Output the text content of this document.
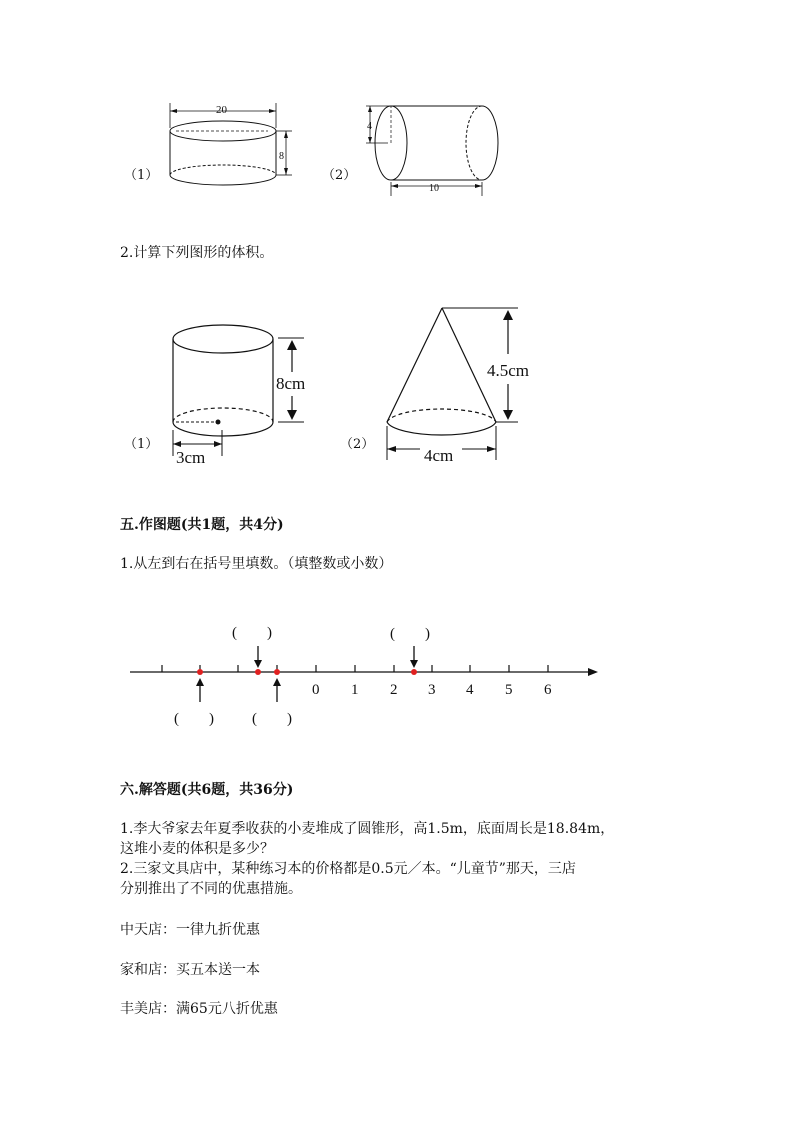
（1）
20
8
（2）
4
10
2.计算下列图形的体积。
（1）
8cm
3cm
（2）
4.5cm
4cm
五.作图题(共1题，共4分)
1.从左到右在括号里填数。（填整数或小数）
0 1 2 3 4 5 6
(　　)	(　　)
(　　)	(　　)
六.解答题(共6题，共36分)
1.李大爷家去年夏季收获的小麦堆成了圆锥形，高1.5m，底面周长是18.84m，
这堆小麦的体积是多少？
2.三家文具店中，某种练习本的价格都是0.5元／本。“儿童节”那天，三店
分别推出了不同的优惠措施。
中天店：一律九折优惠
家和店：买五本送一本
丰美店：满65元八折优惠
